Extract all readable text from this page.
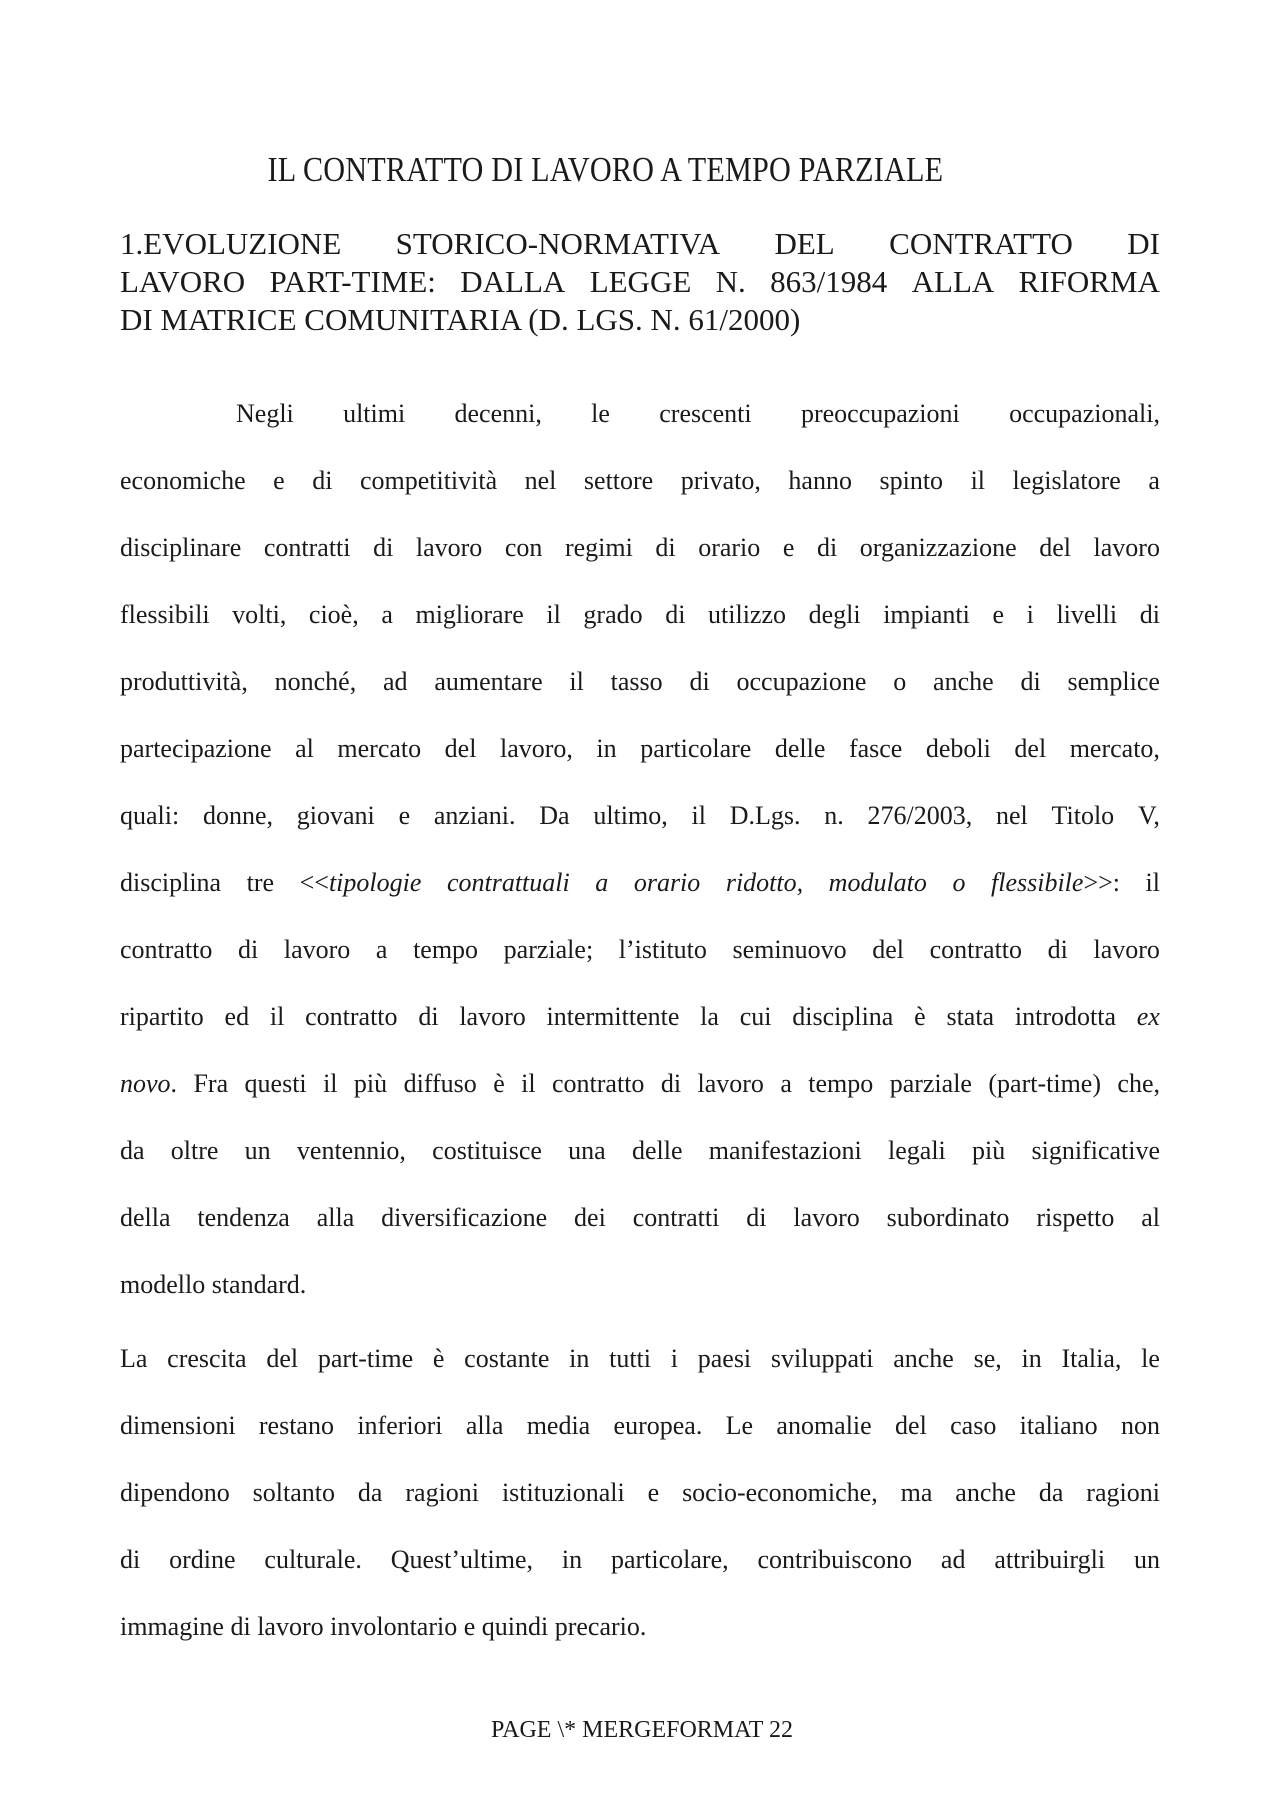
IL CONTRATTO DI LAVORO A TEMPO PARZIALE
1.EVOLUZIONE STORICO-NORMATIVA DEL CONTRATTO DI
LAVORO PART-TIME: DALLA LEGGE N. 863/1984 ALLA RIFORMA
DI MATRICE COMUNITARIA (D. LGS. N. 61/2000)
Negli ultimi decenni, le crescenti preoccupazioni occupazionali,
economiche e di competitività nel settore privato, hanno spinto il legislatore a
disciplinare contratti di lavoro con regimi di orario e di organizzazione del lavoro
flessibili volti, cioè, a migliorare il grado di utilizzo degli impianti e i livelli di
produttività, nonché, ad aumentare il tasso di occupazione o anche di semplice
partecipazione al mercato del lavoro, in particolare delle fasce deboli del mercato,
quali: donne, giovani e anziani. Da ultimo, il D.Lgs. n. 276/2003, nel Titolo V,
disciplina tre <<tipologie contrattuali a orario ridotto, modulato o flessibile>>: il
contratto di lavoro a tempo parziale; l’istituto seminuovo del contratto di lavoro
ripartito ed il contratto di lavoro intermittente la cui disciplina è stata introdotta ex
novo. Fra questi il più diffuso è il contratto di lavoro a tempo parziale (part-time) che,
da oltre un ventennio, costituisce una delle manifestazioni legali più significative
della tendenza alla diversificazione dei contratti di lavoro subordinato rispetto al
modello standard.
La crescita del part-time è costante in tutti i paesi sviluppati anche se, in Italia, le
dimensioni restano inferiori alla media europea. Le anomalie del caso italiano non
dipendono soltanto da ragioni istituzionali e socio-economiche, ma anche da ragioni
di ordine culturale. Quest’ultime, in particolare, contribuiscono ad attribuirgli un
immagine di lavoro involontario e quindi precario.
PAGE \* MERGEFORMAT 22
